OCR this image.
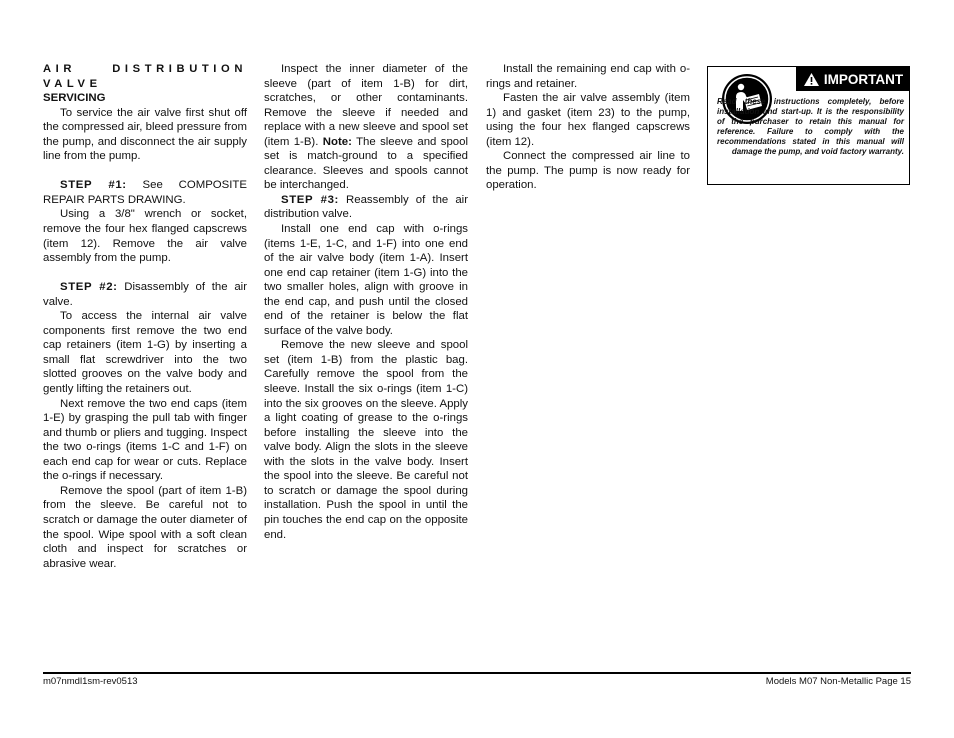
AIR DISTRIBUTION VALVE

SERVICING

To service the air valve first shut off the compressed air, bleed pressure from the pump, and disconnect the air supply line from the pump.

STEP #1: See COMPOSITE REPAIR PARTS DRAWING.

Using a 3/8" wrench or socket, remove the four hex flanged capscrews (item 12). Remove the air valve assembly from the pump.

STEP #2: Disassembly of the air valve.

To access the internal air valve components first remove the two end cap retainers (item 1-G) by inserting a small flat screwdriver into the two slotted grooves on the valve body and gently lifting the retainers out.

Next remove the two end caps (item 1-E) by grasping the pull tab with finger and thumb or pliers and tugging. Inspect the two o-rings (items 1-C and 1-F) on each end cap for wear or cuts. Replace the o-rings if necessary.

Remove the spool (part of item 1-B) from the sleeve. Be careful not to scratch or damage the outer diameter of the spool. Wipe spool with a soft clean cloth and inspect for scratches or abrasive wear.

Inspect the inner diameter of the sleeve (part of item 1-B) for dirt, scratches, or other contaminants. Remove the sleeve if needed and replace with a new sleeve and spool set (item 1-B). Note: The sleeve and spool set is match-ground to a specified clearance. Sleeves and spools cannot be interchanged.

STEP #3: Reassembly of the air distribution valve.

Install one end cap with o-rings (items 1-E, 1-C, and 1-F) into one end of the air valve body (item 1-A). Insert one end cap retainer (item 1-G) into the two smaller holes, align with groove in the end cap, and push until the closed end of the retainer is below the flat surface of the valve body.

Remove the new sleeve and spool set (item 1-B) from the plastic bag. Carefully remove the spool from the sleeve. Install the six o-rings (item 1-C) into the six grooves on the sleeve. Apply a light coating of grease to the o-rings before installing the sleeve into the valve body. Align the slots in the sleeve with the slots in the valve body. Insert the spool into the sleeve. Be careful not to scratch or damage the spool during installation. Push the spool in until the pin touches the end cap on the opposite end.

Install the remaining end cap with o-rings and retainer.

Fasten the air valve assembly (item 1) and gasket (item 23) to the pump, using the four hex flanged capscrews (item 12).

Connect the compressed air line to the pump. The pump is now ready for operation.

IMPORTANT
Read these instructions completely, before installation and start-up. It is the responsibility of the purchaser to retain this manual for reference. Failure to comply with the recommendations stated in this manual will damage the pump, and void factory warranty.
m07nmdl1sm-rev0513	Models M07 Non-Metallic Page 15
